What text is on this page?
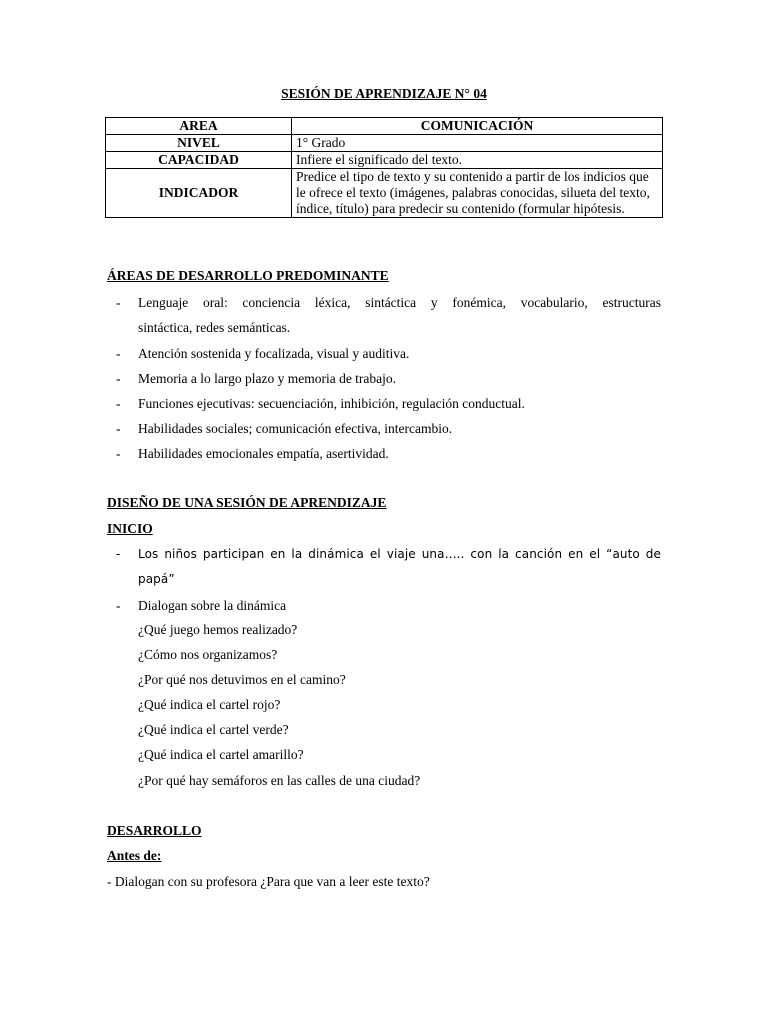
SESIÓN DE APRENDIZAJE N° 04
AREA	COMUNICACIÓN
NIVEL	1° Grado
CAPACIDAD	Infiere el significado del texto.
INDICADOR	Predice el tipo de texto y su contenido a partir de los indicios que le ofrece el texto (imágenes, palabras conocidas, silueta del texto, índice, título) para predecir su contenido (formular hipótesis.
ÁREAS DE DESARROLLO PREDOMINANTE
- Lenguaje oral: conciencia léxica, sintáctica y fonémica, vocabulario, estructuras
sintáctica, redes semánticas.
- Atención sostenida y focalizada, visual y auditiva.
- Memoria a lo largo plazo y memoria de trabajo.
- Funciones ejecutivas: secuenciación, inhibición, regulación conductual.
- Habilidades sociales; comunicación efectiva, intercambio.
- Habilidades emocionales empatía, asertividad.
DISEÑO DE UNA SESIÓN DE APRENDIZAJE
INICIO
- Los niños participan en la dinámica el viaje una….. con la canción en el “auto de
papá”
- Dialogan sobre la dinámica
¿Qué juego hemos realizado?
¿Cómo nos organizamos?
¿Por qué nos detuvimos en el camino?
¿Qué indica el cartel rojo?
¿Qué indica el cartel verde?
¿Qué indica el cartel amarillo?
¿Por qué hay semáforos en las calles de una ciudad?
DESARROLLO
Antes de:
- Dialogan con su profesora ¿Para que van a leer este texto?
